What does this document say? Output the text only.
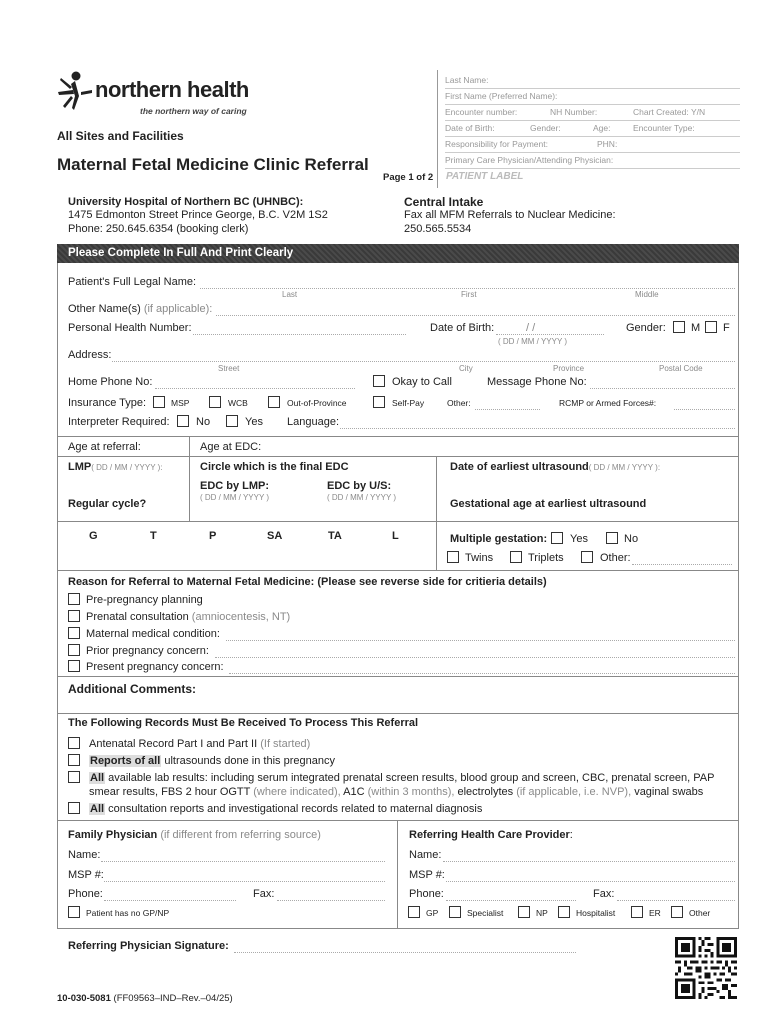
northern health
the northern way of caring
All Sites and Facilities
Maternal Fetal Medicine Clinic Referral
Page 1 of 2
Last Name:
First Name (Preferred Name):
Encounter number:	NH Number:	Chart Created: Y/N
Date of Birth:	Gender:	Age:	Encounter Type:
Responsibility for Payment:	PHN:
Primary Care Physician/Attending Physician:
PATIENT LABEL
University Hospital of Northern BC (UHNBC):
1475 Edmonton Street Prince George, B.C. V2M 1S2
Phone: 250.645.6354 (booking clerk)
Central Intake
Fax all MFM Referrals to Nuclear Medicine:
250.565.5534
Please Complete In Full And Print Clearly
Patient's Full Legal Name:
Last	First	Middle
Other Name(s) (if applicable):
Personal Health Number:	Date of Birth:	/ /
( DD / MM / YYYY )
Gender: M F
Address:
Street	City	Province	Postal Code
Home Phone No:	Okay to Call	Message Phone No:
Insurance Type:	MSP	WCB	Out-of-Province	Self-Pay	Other:	RCMP or Armed Forces#:
Interpreter Required: No	Yes Language:
Age at referral:	Age at EDC:
LMP( DD / MM / YYYY ):	Circle which is the final EDC	Date of earliest ultrasound( DD / MM / YYYY ):
EDC by LMP:
( DD / MM / YYYY )
EDC by U/S:
( DD / MM / YYYY )
Regular cycle?	Gestational age at earliest ultrasound
G	T	P	SA	TA	L	Multiple gestation: Yes	No
Twins	Triplets	Other:
Reason for Referral to Maternal Fetal Medicine: (Please see reverse side for critieria details)
Pre-pregnancy planning
Prenatal consultation (amniocentesis, NT)
Maternal medical condition:
Prior pregnancy concern:
Present pregnancy concern:
Additional Comments:
The Following Records Must Be Received To Process This Referral
Antenatal Record Part I and Part II (If started)
Reports of all ultrasounds done in this pregnancy
All available lab results: including serum integrated prenatal screen results, blood group and screen, CBC, prenatal screen, PAP
smear results, FBS 2 hour OGTT (where indicated), A1C (within 3 months), electrolytes (if applicable, i.e. NVP), vaginal swabs
All consultation reports and investigational records related to maternal diagnosis
Family Physician (if different from referring source)
Name:
MSP #:
Phone:	Fax:
Patient has no GP/NP
Referring Health Care Provider:
Name:
MSP #:
Phone:	Fax:
GP	Specialist	NP	Hospitalist	ER	Other
Referring Physician Signature:
10-030-5081 (FF09563–IND–Rev.–04/25)
